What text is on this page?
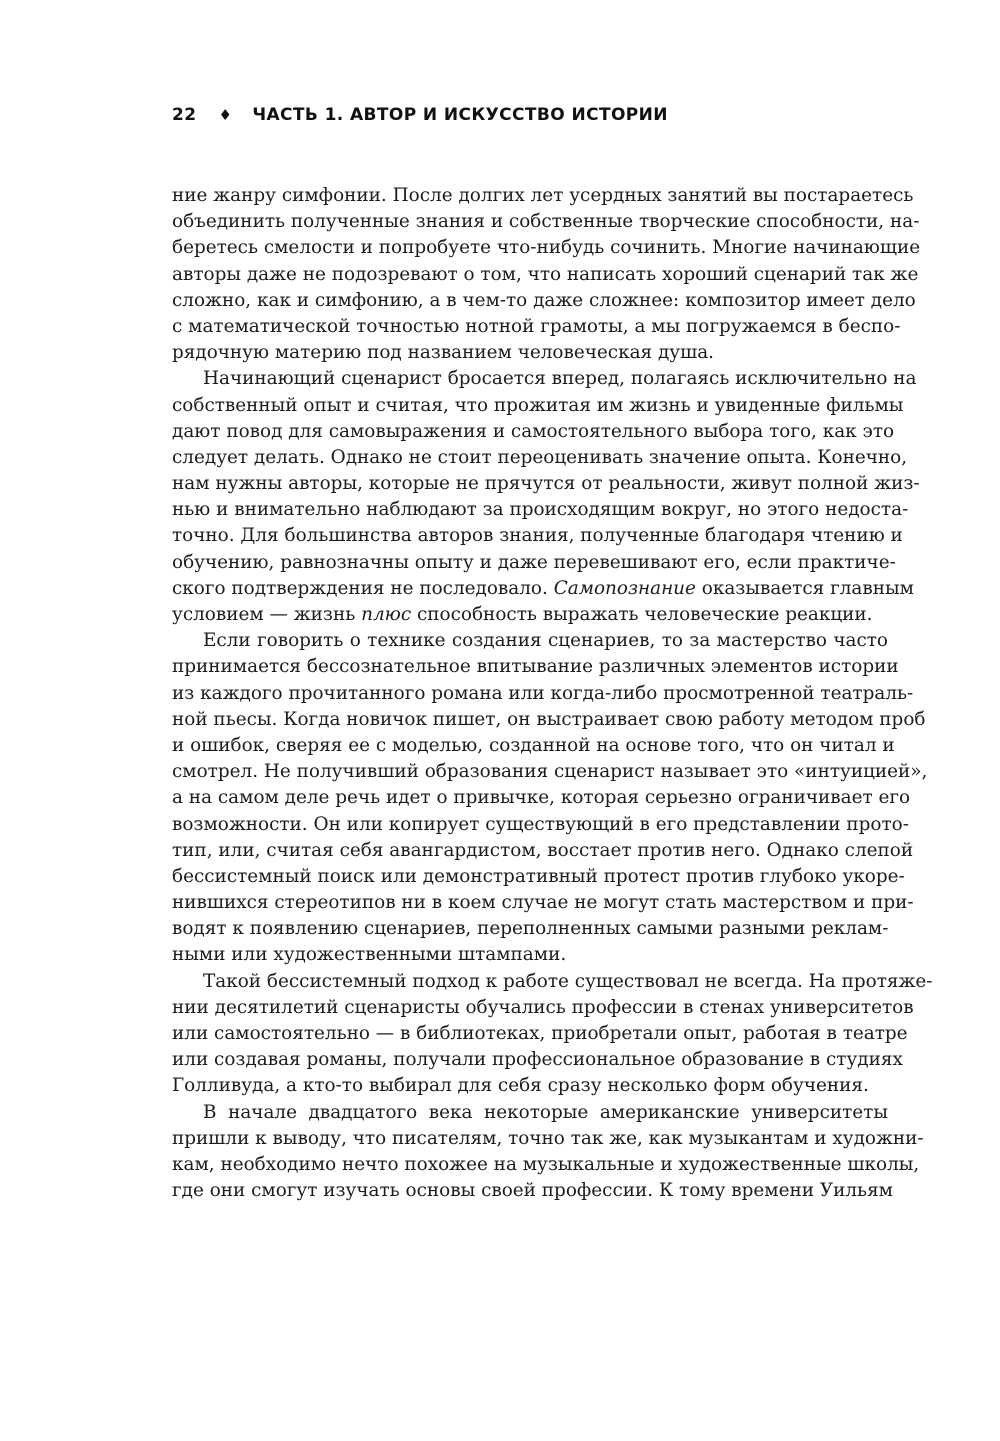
22 ♦ ЧАСТЬ 1. АВТОР И ИСКУССТВО ИСТОРИИ
ние жанру симфонии. После долгих лет усердных занятий вы постараетесь
объединить полученные знания и собственные творческие способности, на-
беретесь смелости и попробуете что-нибудь сочинить. Многие начинающие
авторы даже не подозревают о том, что написать хороший сценарий так же
сложно, как и симфонию, а в чем-то даже сложнее: композитор имеет дело
с математической точностью нотной грамоты, а мы погружаемся в беспо-
рядочную материю под названием человеческая душа.
Начинающий сценарист бросается вперед, полагаясь исключительно на
собственный опыт и считая, что прожитая им жизнь и увиденные фильмы
дают повод для самовыражения и самостоятельного выбора того, как это
следует делать. Однако не стоит переоценивать значение опыта. Конечно,
нам нужны авторы, которые не прячутся от реальности, живут полной жиз-
нью и внимательно наблюдают за происходящим вокруг, но этого недоста-
точно. Для большинства авторов знания, полученные благодаря чтению и
обучению, равнозначны опыту и даже перевешивают его, если практиче-
ского подтверждения не последовало. Самопознание оказывается главным
условием — жизнь плюс способность выражать человеческие реакции.
Если говорить о технике создания сценариев, то за мастерство часто
принимается бессознательное впитывание различных элементов истории
из каждого прочитанного романа или когда-либо просмотренной театраль-
ной пьесы. Когда новичок пишет, он выстраивает свою работу методом проб
и ошибок, сверяя ее с моделью, созданной на основе того, что он читал и
смотрел. Не получивший образования сценарист называет это «интуицией»,
а на самом деле речь идет о привычке, которая серьезно ограничивает его
возможности. Он или копирует существующий в его представлении прото-
тип, или, считая себя авангардистом, восстает против него. Однако слепой
бессистемный поиск или демонстративный протест против глубоко укоре-
нившихся стереотипов ни в коем случае не могут стать мастерством и при-
водят к появлению сценариев, переполненных самыми разными реклам-
ными или художественными штампами.
Такой бессистемный подход к работе существовал не всегда. На протяже-
нии десятилетий сценаристы обучались профессии в стенах университетов
или самостоятельно — в библиотеках, приобретали опыт, работая в театре
или создавая романы, получали профессиональное образование в студиях
Голливуда, а кто-то выбирал для себя сразу несколько форм обучения.
В начале двадцатого века некоторые американские университеты
пришли к выводу, что писателям, точно так же, как музыкантам и художни-
кам, необходимо нечто похожее на музыкальные и художественные школы,
где они смогут изучать основы своей профессии. К тому времени Уильям
